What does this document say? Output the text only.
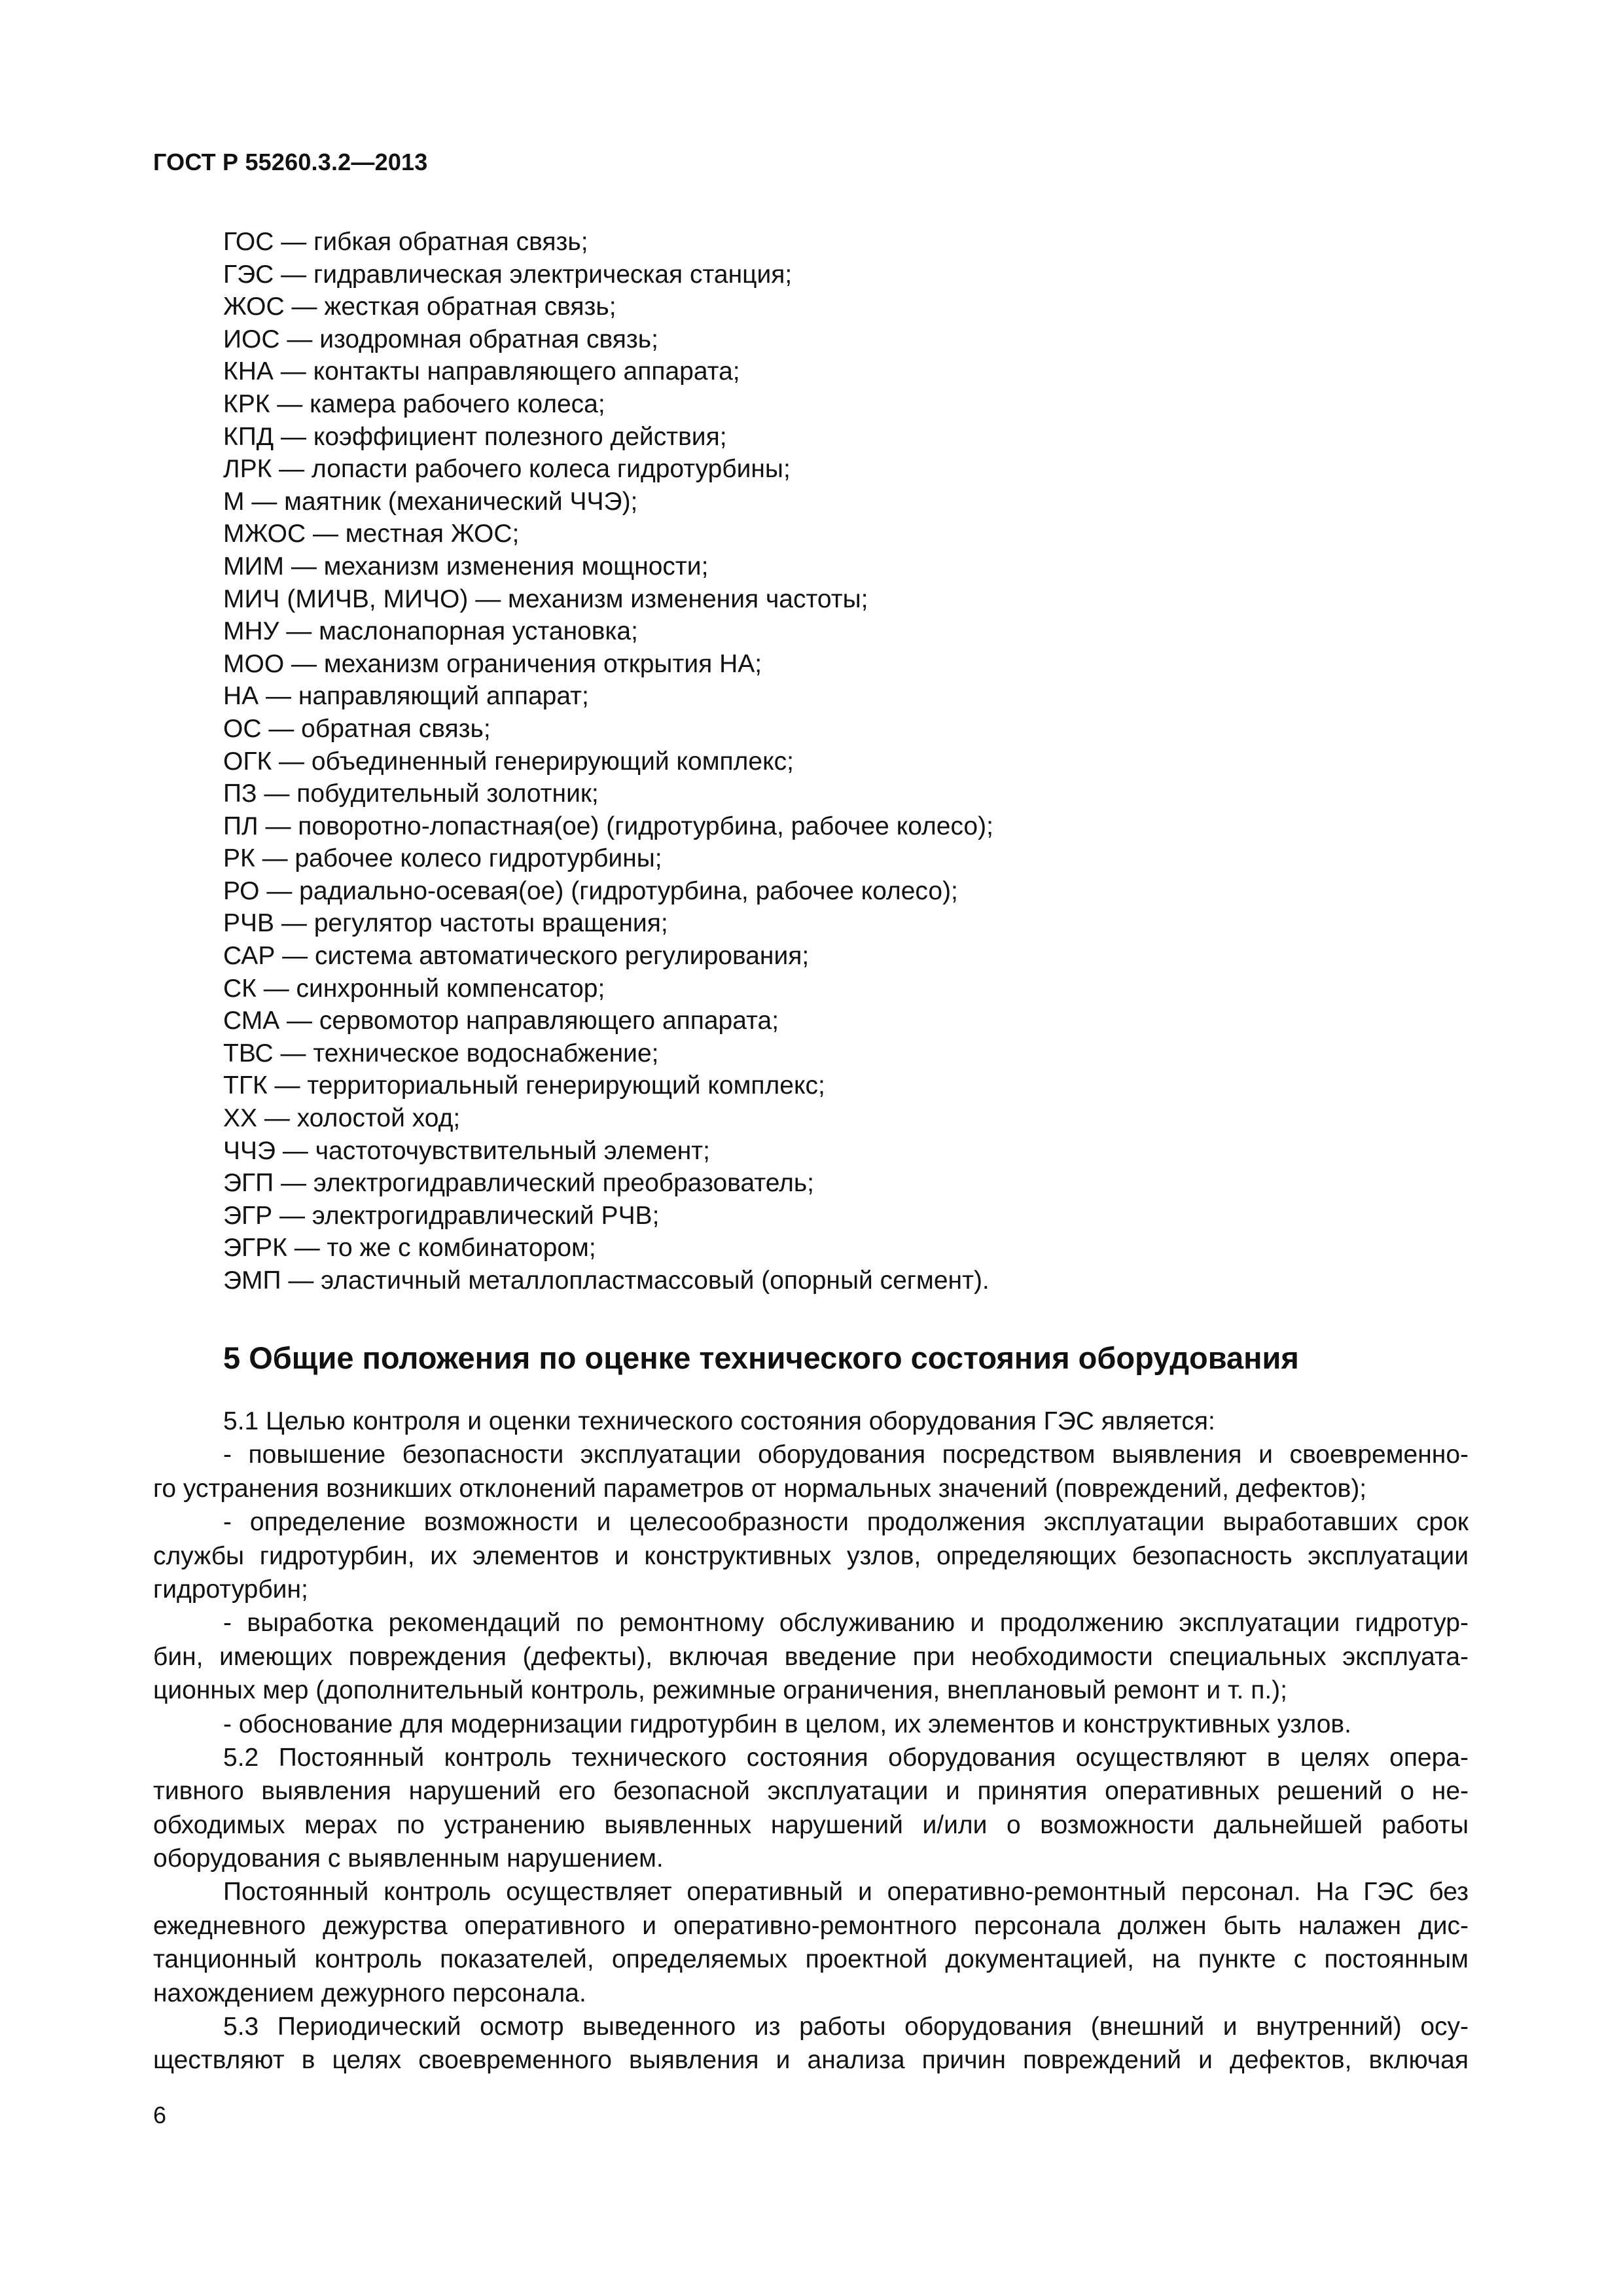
ГОСТ Р 55260.3.2—2013
ГОС — гибкая обратная связь;
ГЭС — гидравлическая электрическая станция;
ЖОС — жесткая обратная связь;
ИОС — изодромная обратная связь;
КНА — контакты направляющего аппарата;
КРК — камера рабочего колеса;
КПД — коэффициент полезного действия;
ЛРК — лопасти рабочего колеса гидротурбины;
М — маятник (механический ЧЧЭ);
МЖОС — местная ЖОС;
МИМ — механизм изменения мощности;
МИЧ (МИЧВ, МИЧО) — механизм изменения частоты;
МНУ — маслонапорная установка;
МОО — механизм ограничения открытия НА;
НА — направляющий аппарат;
ОС — обратная связь;
ОГК — объединенный генерирующий комплекс;
ПЗ — побудительный золотник;
ПЛ — поворотно-лопастная(ое) (гидротурбина, рабочее колесо);
РК — рабочее колесо гидротурбины;
РО — радиально-осевая(ое) (гидротурбина, рабочее колесо);
РЧВ — регулятор частоты вращения;
САР — система автоматического регулирования;
СК — синхронный компенсатор;
СМА — сервомотор направляющего аппарата;
ТВС — техническое водоснабжение;
ТГК — территориальный генерирующий комплекс;
ХХ — холостой ход;
ЧЧЭ — частоточувствительный элемент;
ЭГП — электрогидравлический преобразователь;
ЭГР — электрогидравлический РЧВ;
ЭГРК — то же с комбинатором;
ЭМП — эластичный металлопластмассовый (опорный сегмент).
5 Общие положения по оценке технического состояния оборудования
5.1 Целью контроля и оценки технического состояния оборудования ГЭС является:
- повышение безопасности эксплуатации оборудования посредством выявления и своевременно-
го устранения возникших отклонений параметров от нормальных значений (повреждений, дефектов);
- определение возможности и целесообразности продолжения эксплуатации выработавших срок
службы гидротурбин, их элементов и конструктивных узлов, определяющих безопасность эксплуатации
гидротурбин;
- выработка рекомендаций по ремонтному обслуживанию и продолжению эксплуатации гидротур-
бин, имеющих повреждения (дефекты), включая введение при необходимости специальных эксплуата-
ционных мер (дополнительный контроль, режимные ограничения, внеплановый ремонт и т. п.);
- обоснование для модернизации гидротурбин в целом, их элементов и конструктивных узлов.
5.2 Постоянный контроль технического состояния оборудования осуществляют в целях опера-
тивного выявления нарушений его безопасной эксплуатации и принятия оперативных решений о не-
обходимых мерах по устранению выявленных нарушений и/или о возможности дальнейшей работы
оборудования с выявленным нарушением.
Постоянный контроль осуществляет оперативный и оперативно-ремонтный персонал. На ГЭС без
ежедневного дежурства оперативного и оперативно-ремонтного персонала должен быть налажен дис-
танционный контроль показателей, определяемых проектной документацией, на пункте с постоянным
нахождением дежурного персонала.
5.3 Периодический осмотр выведенного из работы оборудования (внешний и внутренний) осу-
ществляют в целях своевременного выявления и анализа причин повреждений и дефектов, включая
6
